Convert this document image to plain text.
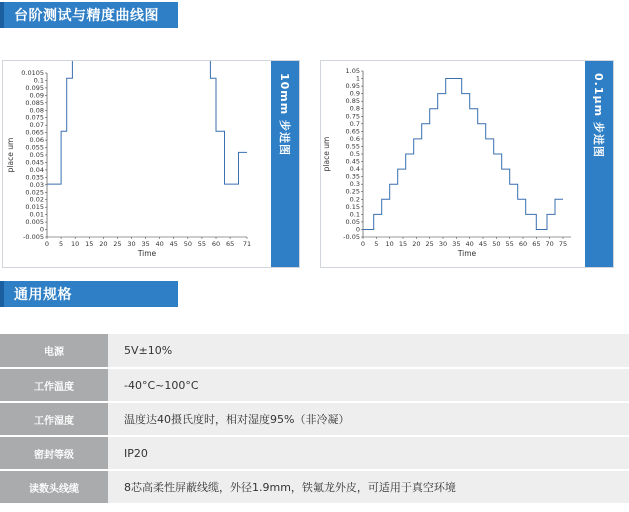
台阶测试与精度曲线图
0.0105
0.1
0.095
0.09
0.085
0.08
0.075
0.07
0.065
0.06
0.055
0.05
0.045
0.04
0.035
0.03
0.025
0.02
0.015
0.01
0.005
0
-0.005
0 5 10 15 20 25 30 35 40 45 50 55 60 65 71
Time
place um	10mm 步进图
1.05
1
0.95
0.9
0.85
0.8
0.75
0.7
0.65
0.6
0.55
0.5
0.45
0.4
0.35
0.3
0.25
0.2
0.15
0.1
0.05
0
-0.05
0 5 10 15 20 25 30 35 40 45 50 55 60 65 70 75
Time
place um	0.1μm 步进图
通用规格
电源	5V±10%
工作温度	-40°C~100°C
工作湿度	温度达40摄氏度时，相对湿度95%（非冷凝）
密封等级	IP20
读数头线缆	8芯高柔性屏蔽线缆，外径1.9mm，铁氟龙外皮，可适用于真空环境
